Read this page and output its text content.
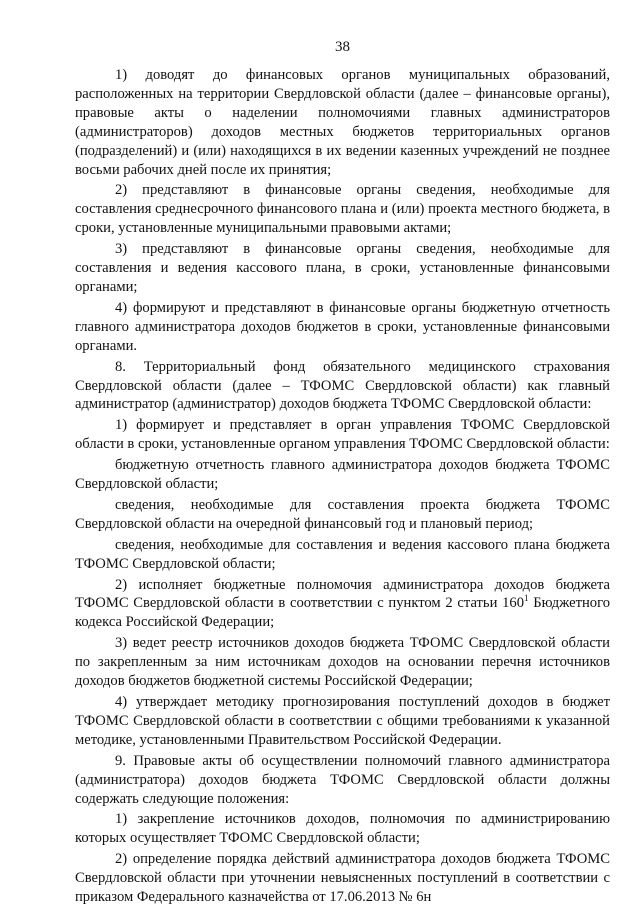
38

1) доводят до финансовых органов муниципальных образований, расположенных на территории Свердловской области (далее – финансовые органы), правовые акты о наделении полномочиями главных администраторов (администраторов) доходов местных бюджетов территориальных органов (подразделений) и (или) находящихся в их ведении казенных учреждений не позднее восьми рабочих дней после их принятия;

2) представляют в финансовые органы сведения, необходимые для составления среднесрочного финансового плана и (или) проекта местного бюджета, в сроки, установленные муниципальными правовыми актами;

3) представляют в финансовые органы сведения, необходимые для составления и ведения кассового плана, в сроки, установленные финансовыми органами;

4) формируют и представляют в финансовые органы бюджетную отчетность главного администратора доходов бюджетов в сроки, установленные финансовыми органами.

8. Территориальный фонд обязательного медицинского страхования Свердловской области (далее – ТФОМС Свердловской области) как главный администратор (администратор) доходов бюджета ТФОМС Свердловской области:

1) формирует и представляет в орган управления ТФОМС Свердловской области в сроки, установленные органом управления ТФОМС Свердловской области:

бюджетную отчетность главного администратора доходов бюджета ТФОМС Свердловской области;

сведения, необходимые для составления проекта бюджета ТФОМС Свердловской области на очередной финансовый год и плановый период;

сведения, необходимые для составления и ведения кассового плана бюджета ТФОМС Свердловской области;

2) исполняет бюджетные полномочия администратора доходов бюджета ТФОМС Свердловской области в соответствии с пунктом 2 статьи $160^1$ Бюджетного кодекса Российской Федерации;

3) ведет реестр источников доходов бюджета ТФОМС Свердловской области по закрепленным за ним источникам доходов на основании перечня источников доходов бюджетов бюджетной системы Российской Федерации;

4) утверждает методику прогнозирования поступлений доходов в бюджет ТФОМС Свердловской области в соответствии с общими требованиями к указанной методике, установленными Правительством Российской Федерации.

9. Правовые акты об осуществлении полномочий главного администратора (администратора) доходов бюджета ТФОМС Свердловской области должны содержать следующие положения:

1) закрепление источников доходов, полномочия по администрированию которых осуществляет ТФОМС Свердловской области;

2) определение порядка действий администратора доходов бюджета ТФОМС Свердловской области при уточнении невыясненных поступлений в соответствии с приказом Федерального казначейства от 17.06.2013 № 6н
